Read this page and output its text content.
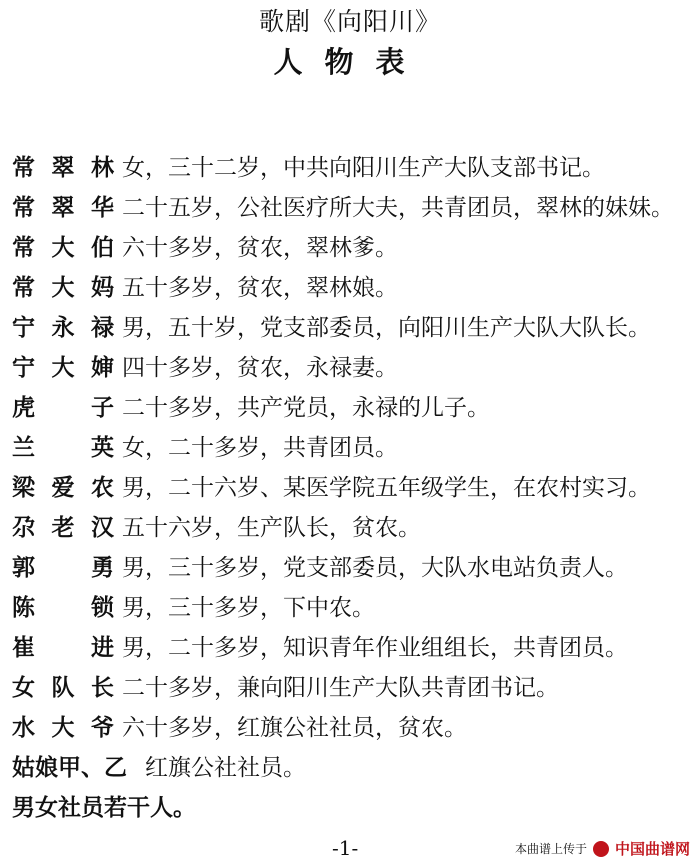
歌剧《向阳川》
人物表
常翠林 女，三十二岁，中共向阳川生产大队支部书记。
常翠华 二十五岁，公社医疗所大夫，共青团员，翠林的妹妹。
常大伯 六十多岁，贫农，翠林爹。
常大妈 五十多岁，贫农，翠林娘。
宁永禄 男，五十岁，党支部委员，向阳川生产大队大队长。
宁大婶 四十多岁，贫农，永禄妻。
虎子 二十多岁，共产党员，永禄的儿子。
兰英 女，二十多岁，共青团员。
梁爱农 男，二十六岁、某医学院五年级学生，在农村实习。
尕老汉 五十六岁，生产队长，贫农。
郭勇 男，三十多岁，党支部委员，大队水电站负责人。
陈锁 男，三十多岁，下中农。
崔进 男，二十多岁，知识青年作业组组长，共青团员。
女队长 二十多岁，兼向阳川生产大队共青团书记。
水大爷 六十多岁，红旗公社社员，贫农。
姑娘甲、乙 红旗公社社员。
男女社员若干人。
-1-	本曲谱上传于 中国曲谱网
